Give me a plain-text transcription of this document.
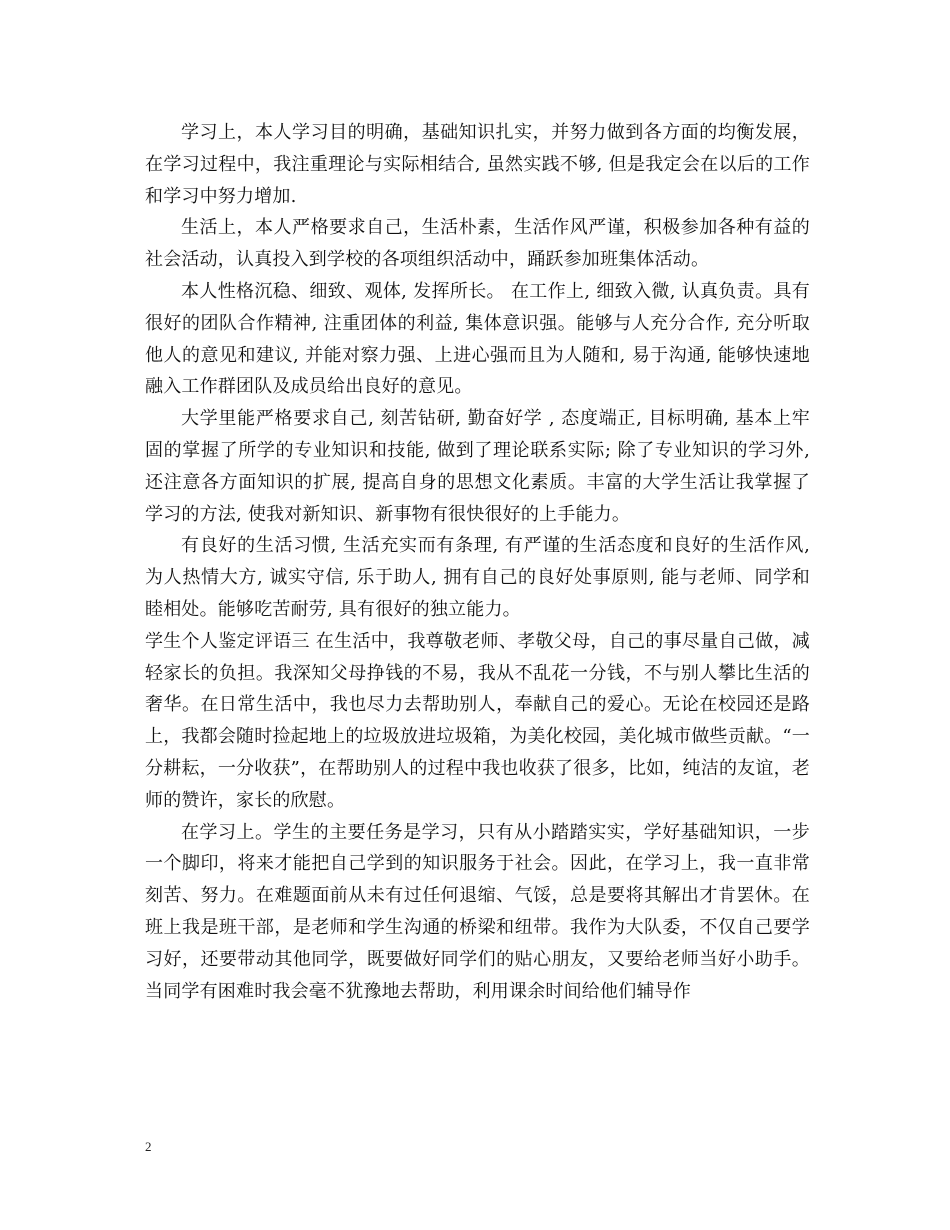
学习上，本人学习目的明确，基础知识扎实，并努力做到各方面的均衡发展，在学习过程中，我注重理论与实际相结合, 虽然实践不够, 但是我定会在以后的工作和学习中努力增加.

生活上，本人严格要求自己，生活朴素，生活作风严谨，积极参加各种有益的社会活动，认真投入到学校的各项组织活动中，踊跃参加班集体活动。

本人性格沉稳、细致、观体, 发挥所长。 在工作上, 细致入微, 认真负责。具有很好的团队合作精神, 注重团体的利益, 集体意识强。能够与人充分合作, 充分听取他人的意见和建议, 并能对察力强、上进心强而且为人随和, 易于沟通, 能够快速地融入工作群团队及成员给出良好的意见。

大学里能严格要求自己, 刻苦钻研, 勤奋好学 , 态度端正, 目标明确, 基本上牢固的掌握了所学的专业知识和技能, 做到了理论联系实际; 除了专业知识的学习外, 还注意各方面知识的扩展, 提高自身的思想文化素质。丰富的大学生活让我掌握了学习的方法, 使我对新知识、新事物有很快很好的上手能力。

有良好的生活习惯, 生活充实而有条理, 有严谨的生活态度和良好的生活作风, 为人热情大方, 诚实守信, 乐于助人, 拥有自己的良好处事原则, 能与老师、同学和睦相处。能够吃苦耐劳, 具有很好的独立能力。

学生个人鉴定评语三 在生活中，我尊敬老师、孝敬父母，自己的事尽量自己做，减轻家长的负担。我深知父母挣钱的不易，我从不乱花一分钱，不与别人攀比生活的奢华。在日常生活中，我也尽力去帮助别人，奉献自己的爱心。无论在校园还是路上，我都会随时捡起地上的垃圾放进垃圾箱，为美化校园，美化城市做些贡献。“一分耕耘，一分收获”，在帮助别人的过程中我也收获了很多，比如，纯洁的友谊，老师的赞许，家长的欣慰。

在学习上。学生的主要任务是学习，只有从小踏踏实实，学好基础知识，一步一个脚印，将来才能把自己学到的知识服务于社会。因此，在学习上，我一直非常刻苦、努力。在难题面前从未有过任何退缩、气馁，总是要将其解出才肯罢休。在班上我是班干部，是老师和学生沟通的桥梁和纽带。我作为大队委，不仅自己要学习好，还要带动其他同学，既要做好同学们的贴心朋友，又要给老师当好小助手。当同学有困难时我会毫不犹豫地去帮助，利用课余时间给他们辅导作

2
